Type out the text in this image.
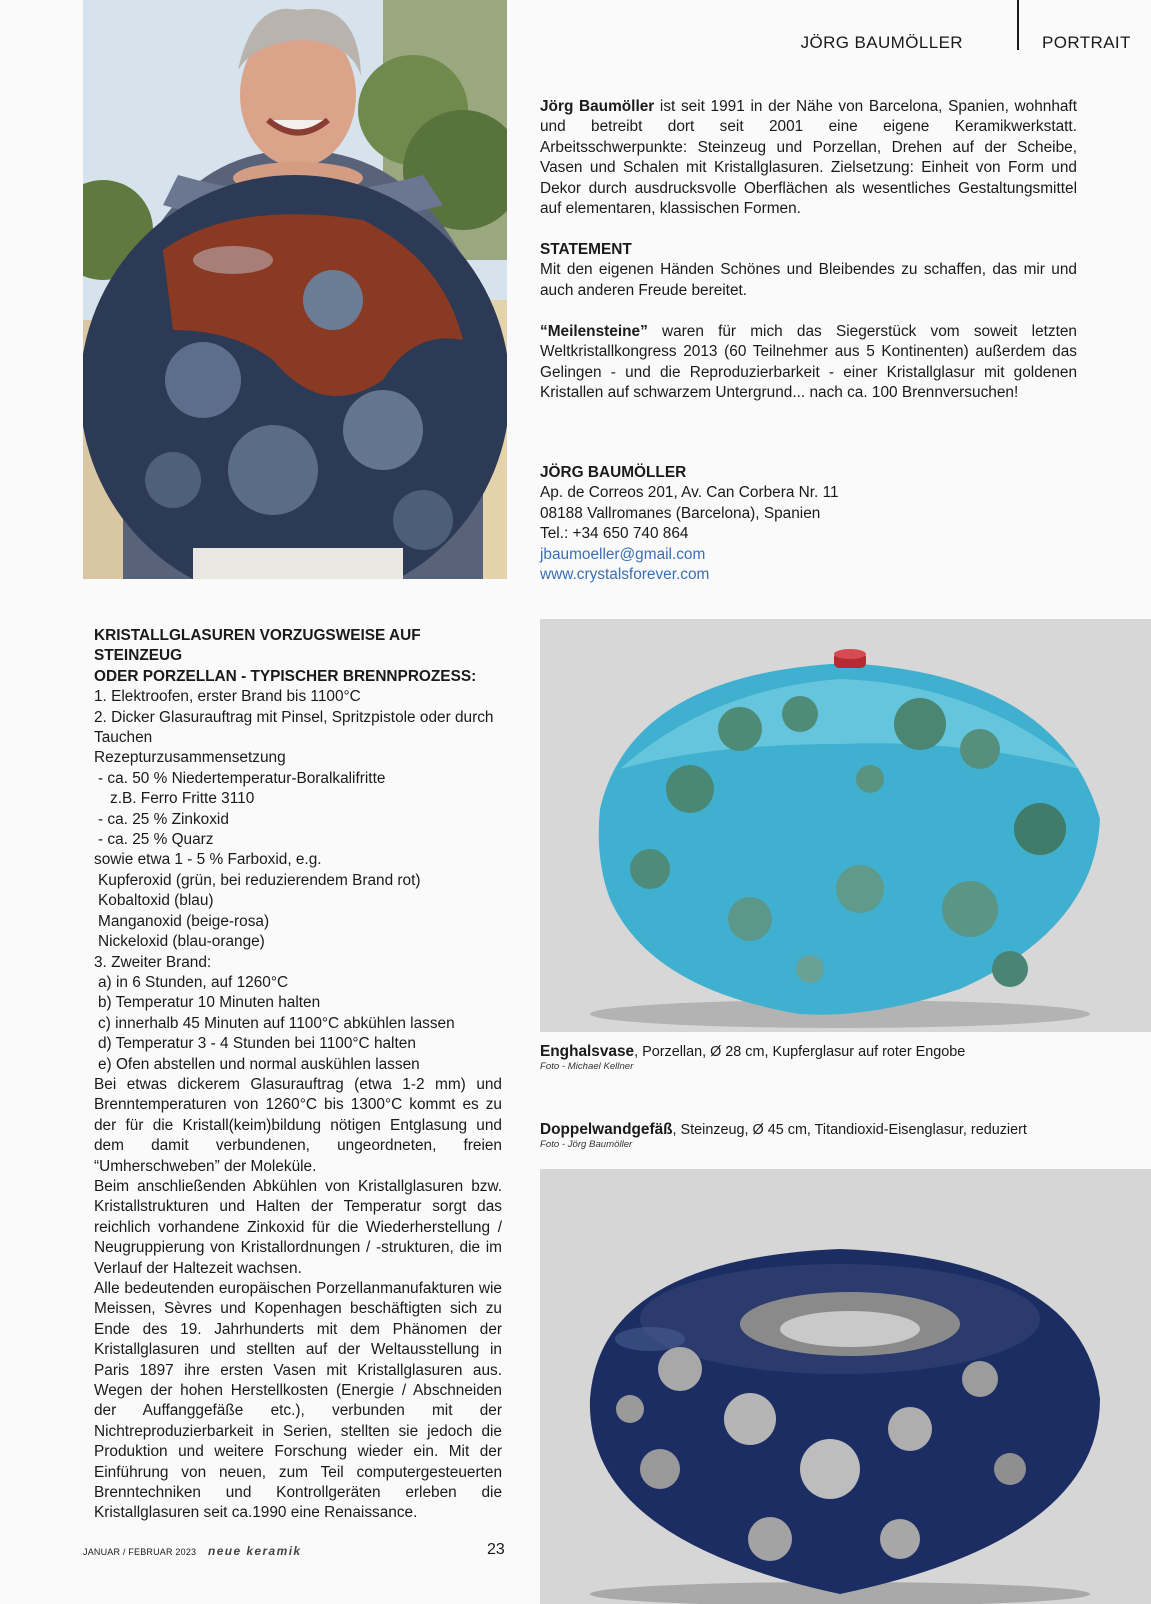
JÖRG BAUMÖLLER	PORTRAIT
Jörg Baumöller ist seit 1991 in der Nähe von Barcelona, Spanien, wohnhaft und betreibt dort seit 2001 eine eigene Keramikwerkstatt. Arbeitsschwerpunkte: Steinzeug und Porzellan, Drehen auf der Scheibe, Vasen und Schalen mit Kristallglasuren. Zielsetzung: Einheit von Form und Dekor durch ausdrucksvolle Oberflächen als wesentliches Gestaltungsmittel auf elementaren, klassischen Formen.
STATEMENT
Mit den eigenen Händen Schönes und Bleibendes zu schaffen, das mir und auch anderen Freude bereitet.
“Meilensteine” waren für mich das Siegerstück vom soweit letzten Weltkristallkongress 2013 (60 Teilnehmer aus 5 Kontinenten) außerdem das Gelingen - und die Reproduzierbarkeit - einer Kristallglasur mit goldenen Kristallen auf schwarzem Untergrund... nach ca. 100 Brennversuchen!
JÖRG BAUMÖLLER
Ap. de Correos 201, Av. Can Corbera Nr. 11
08188 Vallromanes (Barcelona), Spanien
Tel.: +34 650 740 864
jbaumoeller@gmail.com
www.crystalsforever.com
KRISTALLGLASUREN VORZUGSWEISE AUF STEINZEUG
ODER PORZELLAN - TYPISCHER BRENNPROZESS:
1. Elektroofen, erster Brand bis 1100°C
2. Dicker Glasurauftrag mit Pinsel, Spritzpistole oder durch Tauchen
Rezepturzusammensetzung
- ca. 50 % Niedertemperatur-Boralkalifritte
z.B. Ferro Fritte 3110
- ca. 25 % Zinkoxid
- ca. 25 % Quarz
sowie etwa 1 - 5 % Farboxid, e.g.
Kupferoxid (grün, bei reduzierendem Brand rot)
Kobaltoxid (blau)
Manganoxid (beige-rosa)
Nickeloxid (blau-orange)
3. Zweiter Brand:
a) in 6 Stunden, auf 1260°C
b) Temperatur 10 Minuten halten
c) innerhalb 45 Minuten auf 1100°C abkühlen lassen
d) Temperatur 3 - 4 Stunden bei 1100°C halten
e) Ofen abstellen und normal auskühlen lassen
Bei etwas dickerem Glasurauftrag (etwa 1-2 mm) und Brenntemperaturen von 1260°C bis 1300°C kommt es zu der für die Kristall(keim)bildung nötigen Entglasung und dem damit verbundenen, ungeordneten, freien “Umherschweben” der Moleküle.
Beim anschließenden Abkühlen von Kristallglasuren bzw. Kristallstrukturen und Halten der Temperatur sorgt das reichlich vorhandene Zinkoxid für die Wiederherstellung / Neugruppierung von Kristallordnungen / -strukturen, die im Verlauf der Haltezeit wachsen.
Alle bedeutenden europäischen Porzellanmanufakturen wie Meissen, Sèvres und Kopenhagen beschäftigten sich zu Ende des 19. Jahrhunderts mit dem Phänomen der Kristallglasuren und stellten auf der Weltausstellung in Paris 1897 ihre ersten Vasen mit Kristallglasuren aus. Wegen der hohen Herstellkosten (Energie / Abschneiden der Auffanggefäße etc.), verbunden mit der Nichtreproduzierbarkeit in Serien, stellten sie jedoch die Produktion und weitere Forschung wieder ein. Mit der Einführung von neuen, zum Teil computergesteuerten Brenntechniken und Kontrollgeräten erleben die Kristallglasuren seit ca.1990 eine Renaissance.
Enghalsvase, Porzellan, Ø 28 cm, Kupferglasur auf roter Engobe
Foto - Michael Kellner
Doppelwandgefäß, Steinzeug, Ø 45 cm, Titandioxid-Eisenglasur, reduziert
Foto - Jörg Baumöller
JANUAR / FEBRUAR 2023 neue keramik	23
